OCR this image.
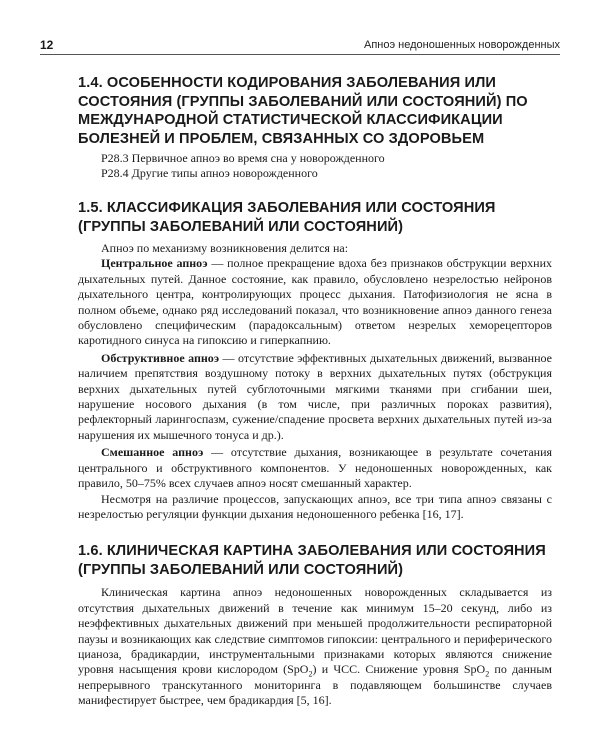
12	Апноэ недоношенных новорожденных
1.4. ОСОБЕННОСТИ КОДИРОВАНИЯ ЗАБОЛЕВАНИЯ ИЛИ СОСТОЯНИЯ (ГРУППЫ ЗАБОЛЕВАНИЙ ИЛИ СОСТОЯНИЙ) ПО МЕЖДУНАРОДНОЙ СТАТИСТИЧЕСКОЙ КЛАССИФИКАЦИИ БОЛЕЗНЕЙ И ПРОБЛЕМ, СВЯЗАННЫХ СО ЗДОРОВЬЕМ
P28.3 Первичное апноэ во время сна у новорожденного
P28.4 Другие типы апноэ новорожденного
1.5. КЛАССИФИКАЦИЯ ЗАБОЛЕВАНИЯ ИЛИ СОСТОЯНИЯ (ГРУППЫ ЗАБОЛЕВАНИЙ ИЛИ СОСТОЯНИЙ)

Апноэ по механизму возникновения делится на:

Центральное апноэ — полное прекращение вдоха без признаков обструкции верхних дыхательных путей. Данное состояние, как правило, обусловлено незрелостью нейронов дыхательного центра, контролирующих процесс дыхания. Патофизиология не ясна в полном объеме, однако ряд исследований показал, что возникновение апноэ данного генеза обусловлено специфическим (парадоксальным) ответом незрелых хеморецепторов каротидного синуса на гипоксию и гиперкапнию.

Обструктивное апноэ — отсутствие эффективных дыхательных движений, вызванное наличием препятствия воздушному потоку в верхних дыхательных путях (обструкция верхних дыхательных путей субглоточными мягкими тканями при сгибании шеи, нарушение носового дыхания (в том числе, при различных пороках развития), рефлекторный ларингоспазм, сужение/спадение просвета верхних дыхательных путей из-за нарушения их мышечного тонуса и др.).

Смешанное апноэ — отсутствие дыхания, возникающее в результате сочетания центрального и обструктивного компонентов. У недоношенных новорожденных, как правило, 50–75% всех случаев апноэ носят смешанный характер.

Несмотря на различие процессов, запускающих апноэ, все три типа апноэ связаны с незрелостью регуляции функции дыхания недоношенного ребенка [16, 17].

1.6. КЛИНИЧЕСКАЯ КАРТИНА ЗАБОЛЕВАНИЯ ИЛИ СОСТОЯНИЯ (ГРУППЫ ЗАБОЛЕВАНИЙ ИЛИ СОСТОЯНИЙ)

Клиническая картина апноэ недоношенных новорожденных складывается из отсутствия дыхательных движений в течение как минимум 15–20 секунд, либо из неэффективных дыхательных движений при меньшей продолжительности респираторной паузы и возникающих как следствие симптомов гипоксии: центрального и периферического цианоза, брадикардии, инструментальными признаками которых являются снижение уровня насыщения крови кислородом (SpO$_2$) и ЧСС. Снижение уровня SpO$_2$ по данным непрерывного транскутанного мониторинга в подавляющем большинстве случаев манифестирует быстрее, чем брадикардия [5, 16].
